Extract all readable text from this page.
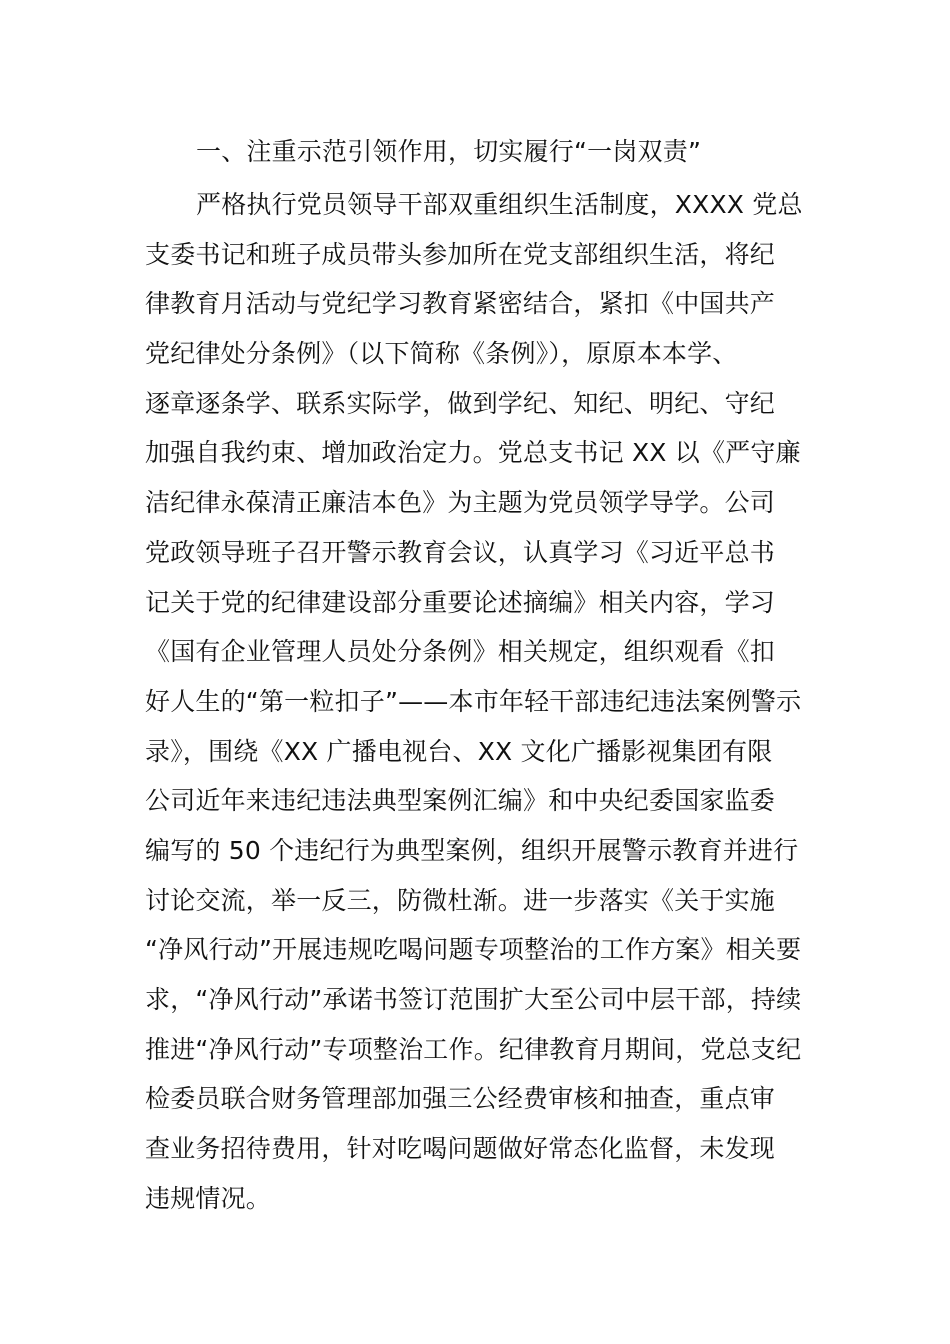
一、注重示范引领作用，切实履行“一岗双责”
严格执行党员领导干部双重组织生活制度，XXXX 党总
支委书记和班子成员带头参加所在党支部组织生活，将纪
律教育月活动与党纪学习教育紧密结合，紧扣《中国共产
党纪律处分条例》（以下简称《条例》），原原本本学、
逐章逐条学、联系实际学，做到学纪、知纪、明纪、守纪
加强自我约束、增加政治定力。党总支书记 XX 以《严守廉
洁纪律永葆清正廉洁本色》为主题为党员领学导学。公司
党政领导班子召开警示教育会议，认真学习《习近平总书
记关于党的纪律建设部分重要论述摘编》相关内容，学习
《国有企业管理人员处分条例》相关规定，组织观看《扣
好人生的“第一粒扣子”——本市年轻干部违纪违法案例警示
录》，围绕《XX 广播电视台、XX 文化广播影视集团有限
公司近年来违纪违法典型案例汇编》和中央纪委国家监委
编写的 50 个违纪行为典型案例，组织开展警示教育并进行
讨论交流，举一反三，防微杜渐。进一步落实《关于实施
“净风行动”开展违规吃喝问题专项整治的工作方案》相关要
求，“净风行动”承诺书签订范围扩大至公司中层干部，持续
推进“净风行动”专项整治工作。纪律教育月期间，党总支纪
检委员联合财务管理部加强三公经费审核和抽查，重点审
查业务招待费用，针对吃喝问题做好常态化监督，未发现
违规情况。
